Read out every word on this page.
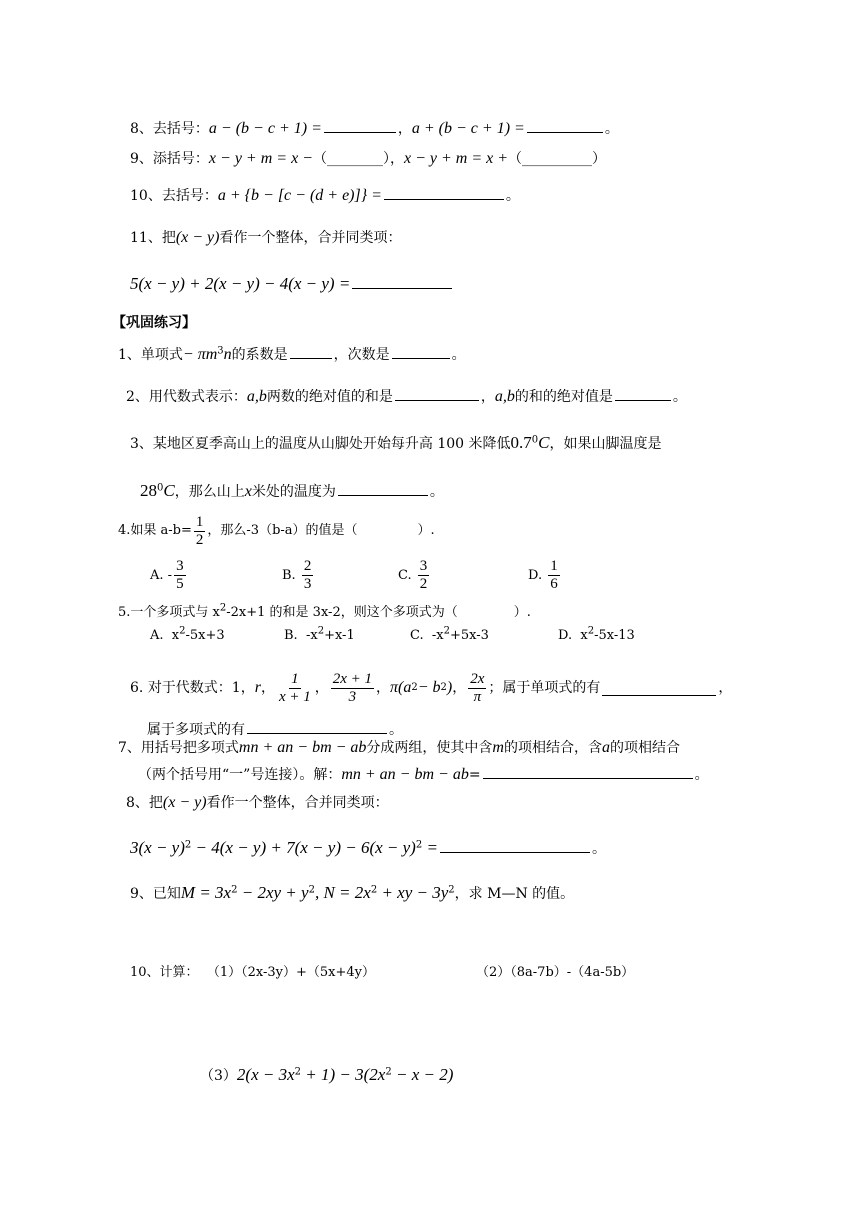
8、去括号：a − (b − c + 1) =	，a + (b − c + 1) =	。
9、添括号：x − y + m = x −（________），x − y + m = x +（__________）
10、去括号：a + {b − [c − (d + e)]} =	。
11、把(x − y)看作一个整体，合并同类项：
5(x − y) + 2(x − y) − 4(x − y) =
【巩固练习】
1、单项式− $\pi m^3n$的系数是	，次数是	。
2、用代数式表示：a,b两数的绝对值的和是	，a,b的和的绝对值是	。
3、某地区夏季高山上的温度从山脚处开始每升高 100 米降低$0.7^0C$，如果山脚温度是
$28^0C$，那么山上x米处的温度为	。
4. 如果 $a-b= \frac{1}{2}$ ，那么-3（b-a）的值是（	）.
A.
- $\frac{3}{5}$	B.
$\frac{2}{3}$	C.
$\frac{3}{2}$	D.
$\frac{1}{6}$
5.一个多项式与 $x^2-2x+1$ 的和是 3x-2，则这个多项式为（	）.
A. $x^2-5x+3$	B. $-x^2+x-1$	C. $-x^2+5x-3$	D. $x^2-5x-13$
6.
对于代数式：1， r ， $\frac{1}{x + 1}$ ， $\frac{2x + 1}{3}$ ， π(a 2 − b 2 ) ， $\frac{2x}{\pi}$ ；属于单项式的有	，
属于多项式的有	。
7、用括号把多项式mn + an − bm − ab分成两组，使其中含m的项相结合，含a的项相结合
（两个括号用“一”号连接）。解：mn + an − bm − ab=	。
8、把(x − y)看作一个整体，合并同类项：
$3(x - y)^2 - 4(x - y) + 7(x - y) - 6(x - y)^2$ =	。
9、已知$M = 3x^2 - 2xy + y^2$, $N = 2x^2$ + xy − $3y^2$，求 M—N 的值。
10、计算： （1）（2x-3y）+（5x+4y）	（2）（8a-7b）-（4a-5b）
$(3)2(x - 3x^2 + 1) - 3(2x^2 - x - 2)$
